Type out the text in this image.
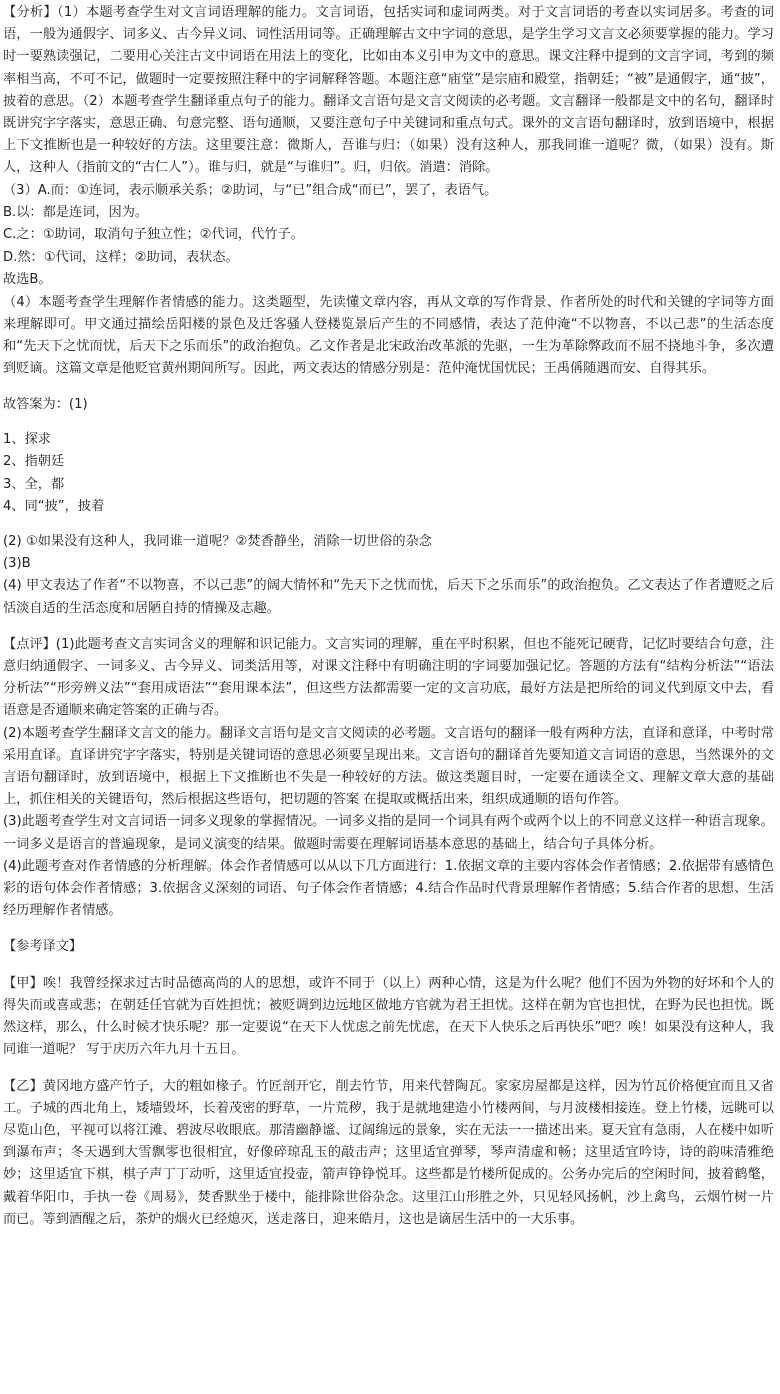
【分析】（1）本题考查学生对文言词语理解的能力。文言词语，包括实词和虚词两类。对于文言词语的考查以实词居多。考查的词语，一般为通假字、词多义、古今异义词、词性活用词等。正确理解古文中字词的意思，是学生学习文言文必须要掌握的能力。学习时一要熟读强记，二要用心关注古文中词语在用法上的变化，比如由本义引申为文中的意思。课文注释中提到的文言字词，考到的频率相当高，不可不记，做题时一定要按照注释中的字词解释答题。本题注意“庙堂”是宗庙和殿堂，指朝廷；“被”是通假字，通“披”，披着的意思。（2）本题考查学生翻译重点句子的能力。翻译文言语句是文言文阅读的必考题。文言翻译一般都是文中的名句，翻译时既讲究字字落实，意思正确、句意完整、语句通顺，又要注意句子中关键词和重点句式。课外的文言语句翻译时，放到语境中，根据上下文推断也是一种较好的方法。这里要注意：微斯人，吾谁与归：（如果）没有这种人，那我同谁一道呢？微，（如果）没有。斯人，这种人（指前文的“古仁人”）。谁与归，就是“与谁归”。归，归依。消遣：消除。

（3）A.而：①连词，表示顺承关系；②助词，与“已”组合成“而已”，罢了，表语气。

B.以：都是连词，因为。

C.之：①助词，取消句子独立性；②代词，代竹子。

D.然：①代词，这样；②助词，表状态。

故选B。

（4）本题考查学生理解作者情感的能力。这类题型，先读懂文章内容，再从文章的写作背景、作者所处的时代和关键的字词等方面来理解即可。甲文通过描绘岳阳楼的景色及迁客骚人登楼览景后产生的不同感情，表达了范仲淹“不以物喜，不以己悲”的生活态度和“先天下之忧而忧，后天下之乐而乐”的政治抱负。乙文作者是北宋政治改革派的先驱，一生为革除弊政而不屈不挠地斗争，多次遭到贬谪。这篇文章是他贬官黄州期间所写。因此，两文表达的情感分别是：范仲淹忧国忧民；王禹偁随遇而安、自得其乐。

故答案为：(1)

1、探求

2、指朝廷

3、全，都

4、同“披”，披着

(2) ①如果没有这种人，我同谁一道呢？②焚香静坐，消除一切世俗的杂念

(3)B

(4) 甲文表达了作者“不以物喜，不以己悲”的阔大情怀和“先天下之忧而忧，后天下之乐而乐”的政治抱负。乙文表达了作者遭贬之后恬淡自适的生活态度和居陋自持的情操及志趣。

【点评】(1)此题考查文言实词含义的理解和识记能力。文言实词的理解，重在平时积累，但也不能死记硬背，记忆时要结合句意，注意归纳通假字、一词多义、古今异义、词类活用等，对课文注释中有明确注明的字词要加强记忆。答题的方法有“结构分析法”“语法分析法”“形旁辨义法”“套用成语法”“套用课本法”，但这些方法都需要一定的文言功底，最好方法是把所给的词义代到原文中去，看语意是否通顺来确定答案的正确与否。

(2)本题考查学生翻译文言文的能力。翻译文言语句是文言文阅读的必考题。文言语句的翻译一般有两种方法，直译和意译，中考时常采用直译。直译讲究字字落实，特别是关键词语的意思必须要呈现出来。文言语句的翻译首先要知道文言词语的意思，当然课外的文言语句翻译时，放到语境中，根据上下文推断也不失是一种较好的方法。做这类题目时，一定要在通读全文、理解文章大意的基础上，抓住相关的关键语句，然后根据这些语句，把切题的答案 在提取或概括出来，组织成通顺的语句作答。

(3)此题考查学生对文言词语一词多义现象的掌握情况。一词多义指的是同一个词具有两个或两个以上的不同意义这样一种语言现象。一词多义是语言的普遍现象，是词义演变的结果。做题时需要在理解词语基本意思的基础上，结合句子具体分析。

(4)此题考查对作者情感的分析理解。体会作者情感可以从以下几方面进行：1.依据文章的主要内容体会作者情感；2.依据带有感情色彩的语句体会作者情感；3.依据含义深刻的词语、句子体会作者情感；4.结合作品时代背景理解作者情感；5.结合作者的思想、生活经历理解作者情感。

【参考译文】

【甲】唉！我曾经探求过古时品德高尚的人的思想，或许不同于（以上）两种心情，这是为什么呢？他们不因为外物的好坏和个人的得失而或喜或悲；在朝廷任官就为百姓担忧；被贬调到边远地区做地方官就为君王担忧。这样在朝为官也担忧，在野为民也担忧。既然这样，那么，什么时候才快乐呢？那一定要说“在天下人忧虑之前先忧虑，在天下人快乐之后再快乐”吧？唉！如果没有这种人，我同谁一道呢？ 写于庆历六年九月十五日。

【乙】黄冈地方盛产竹子，大的粗如椽子。竹匠剖开它，削去竹节，用来代替陶瓦。家家房屋都是这样，因为竹瓦价格便宜而且又省工。子城的西北角上，矮墙毁坏，长着茂密的野草，一片荒秽，我于是就地建造小竹楼两间，与月波楼相接连。登上竹楼，远眺可以尽览山色，平视可以将江滩、碧波尽收眼底。那清幽静谧、辽阔绵远的景象，实在无法一一描述出来。夏天宜有急雨，人在楼中如听到瀑布声；冬天遇到大雪飘零也很相宜，好像碎琼乱玉的敲击声；这里适宜弹琴，琴声清虚和畅；这里适宜吟诗，诗的韵味清雅绝妙；这里适宜下棋，棋子声丁丁动听，这里适宜投壶，箭声铮铮悦耳。这些都是竹楼所促成的。公务办完后的空闲时间，披着鹤氅，戴着华阳巾，手执一卷《周易》，焚香默坐于楼中，能排除世俗杂念。这里江山形胜之外，只见轻风扬帆，沙上禽鸟，云烟竹树一片而已。等到酒醒之后，茶炉的烟火已经熄灭，送走落日，迎来皓月，这也是谪居生活中的一大乐事。
